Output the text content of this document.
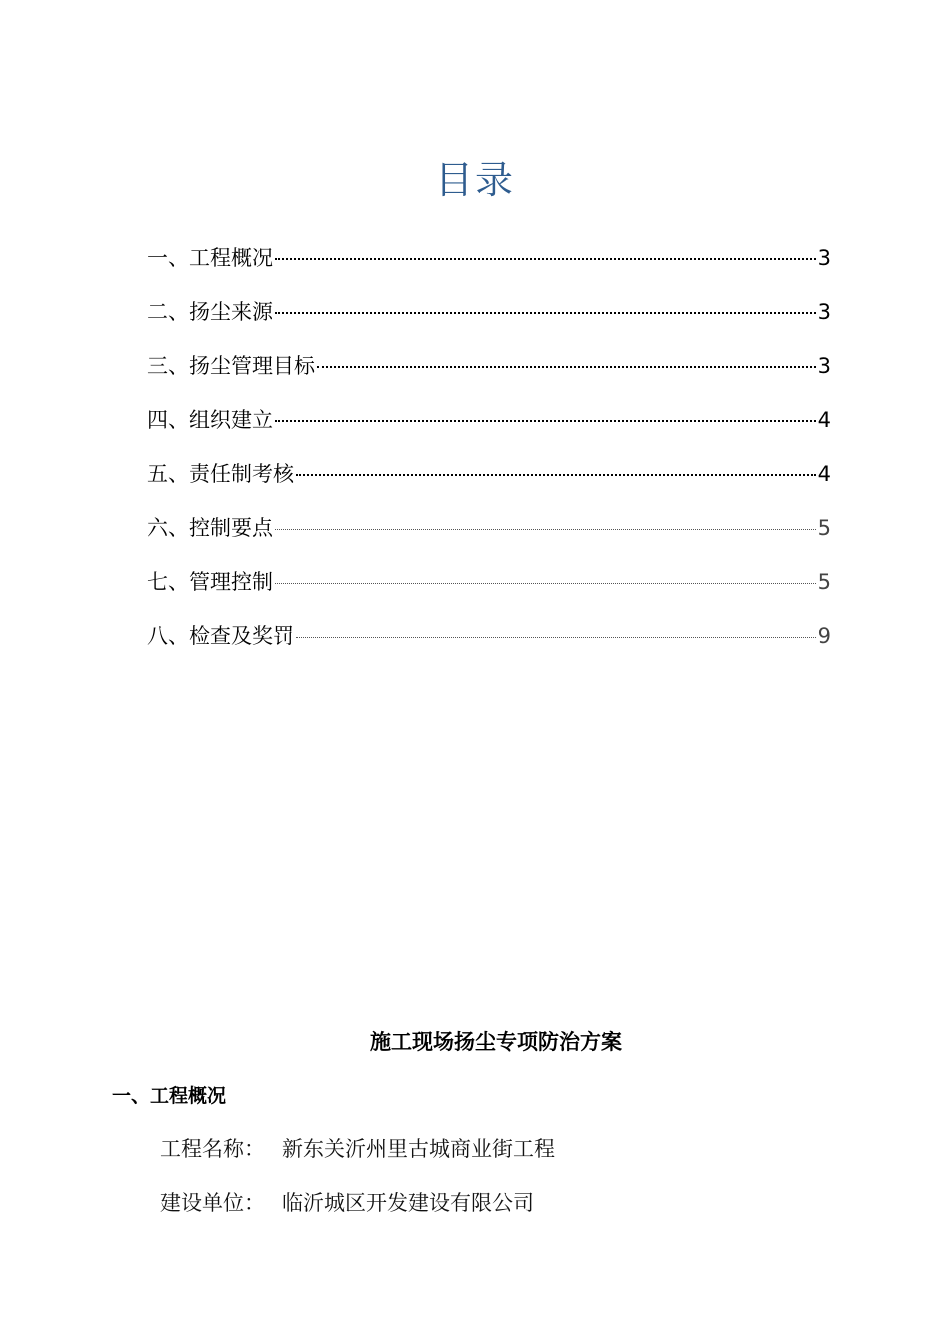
目录
一、工程概况	3
二、扬尘来源	3
三、扬尘管理目标	3
四、组织建立	4
五、责任制考核	4
六、控制要点	5
七、管理控制	5
八、检查及奖罚	9
施工现场扬尘专项防治方案
一、工程概况
工程名称： 新东关沂州里古城商业街工程
建设单位： 临沂城区开发建设有限公司
